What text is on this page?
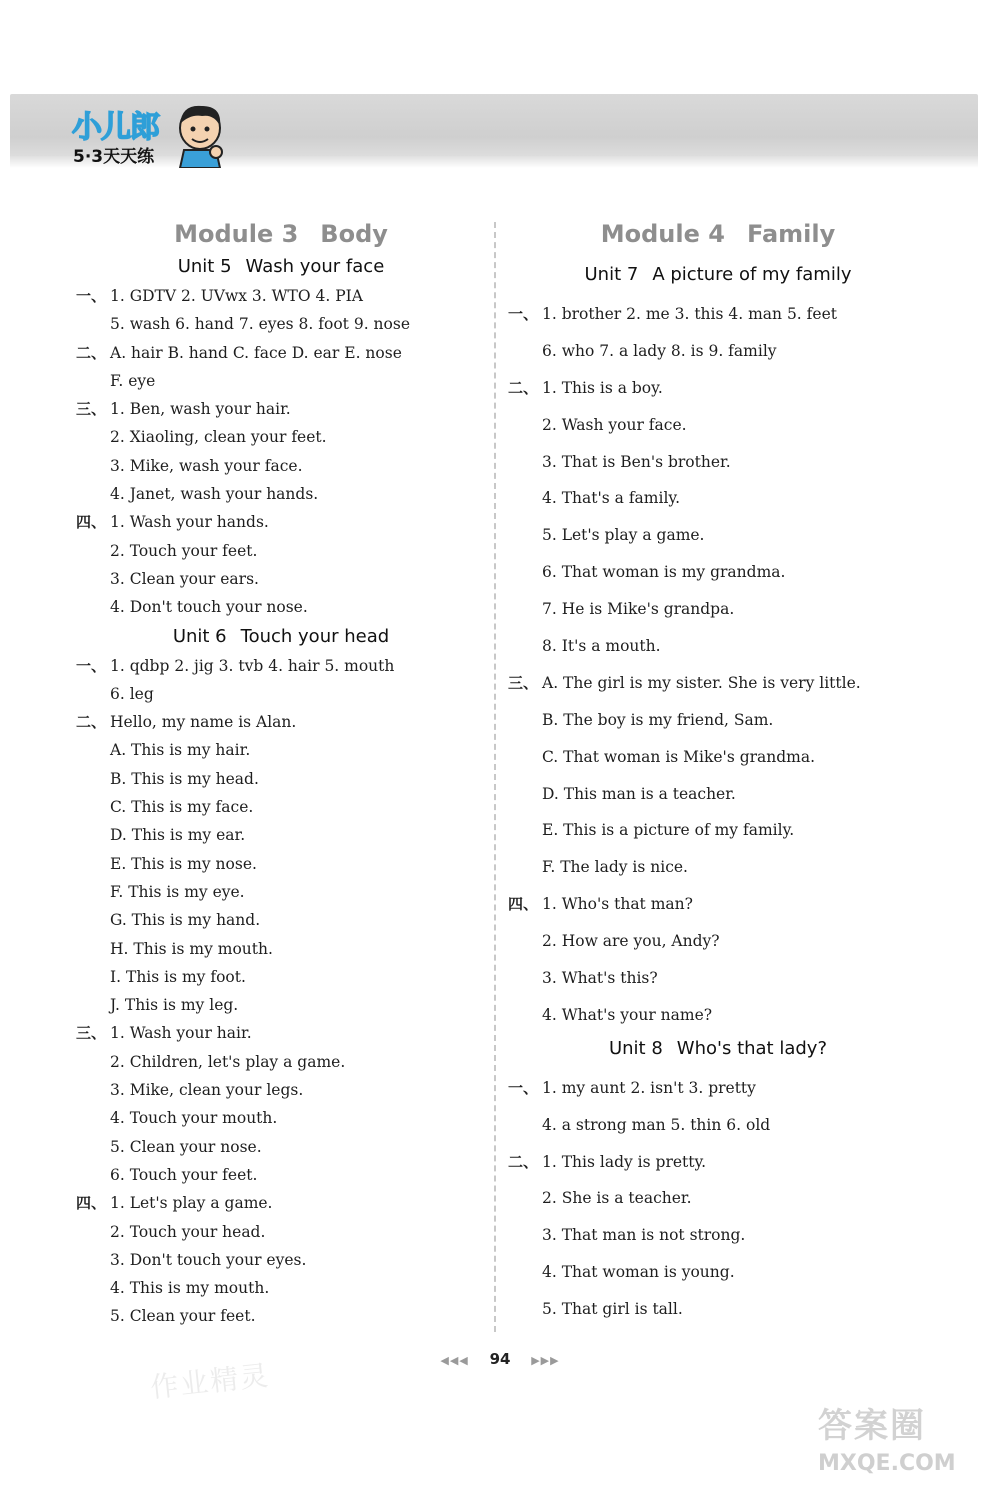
小儿郎
5·3天天练
Module 3 Body
Unit 5 Wash your face
一、 1. GDTV 2. UVwx 3. WTO 4. PIA
5. wash 6. hand 7. eyes 8. foot 9. nose
二、 A. hair B. hand C. face D. ear E. nose
F. eye
三、 1. Ben, wash your hair.
2. Xiaoling, clean your feet.
3. Mike, wash your face.
4. Janet, wash your hands.
四、 1. Wash your hands.
2. Touch your feet.
3. Clean your ears.
4. Don't touch your nose.
Unit 6 Touch your head
一、 1. qdbp 2. jig 3. tvb 4. hair 5. mouth
6. leg
二、 Hello, my name is Alan.
A. This is my hair.
B. This is my head.
C. This is my face.
D. This is my ear.
E. This is my nose.
F. This is my eye.
G. This is my hand.
H. This is my mouth.
I. This is my foot.
J. This is my leg.
三、 1. Wash your hair.
2. Children, let's play a game.
3. Mike, clean your legs.
4. Touch your mouth.
5. Clean your nose.
6. Touch your feet.
四、 1. Let's play a game.
2. Touch your head.
3. Don't touch your eyes.
4. This is my mouth.
5. Clean your feet.
Module 4 Family
Unit 7 A picture of my family
一、 1. brother 2. me 3. this 4. man 5. feet
6. who 7. a lady 8. is 9. family
二、 1. This is a boy.
2. Wash your face.
3. That is Ben's brother.
4. That's a family.
5. Let's play a game.
6. That woman is my grandma.
7. He is Mike's grandpa.
8. It's a mouth.
三、 A. The girl is my sister. She is very little.
B. The boy is my friend, Sam.
C. That woman is Mike's grandma.
D. This man is a teacher.
E. This is a picture of my family.
F. The lady is nice.
四、 1. Who's that man?
2. How are you, Andy?
3. What's this?
4. What's your name?
Unit 8 Who's that lady?
一、 1. my aunt 2. isn't 3. pretty
4. a strong man 5. thin 6. old
二、 1. This lady is pretty.
2. She is a teacher.
3. That man is not strong.
4. That woman is young.
5. That girl is tall.
◀◀◀ 94 ▶▶▶
作业精灵
答案圈
MXQE.COM
